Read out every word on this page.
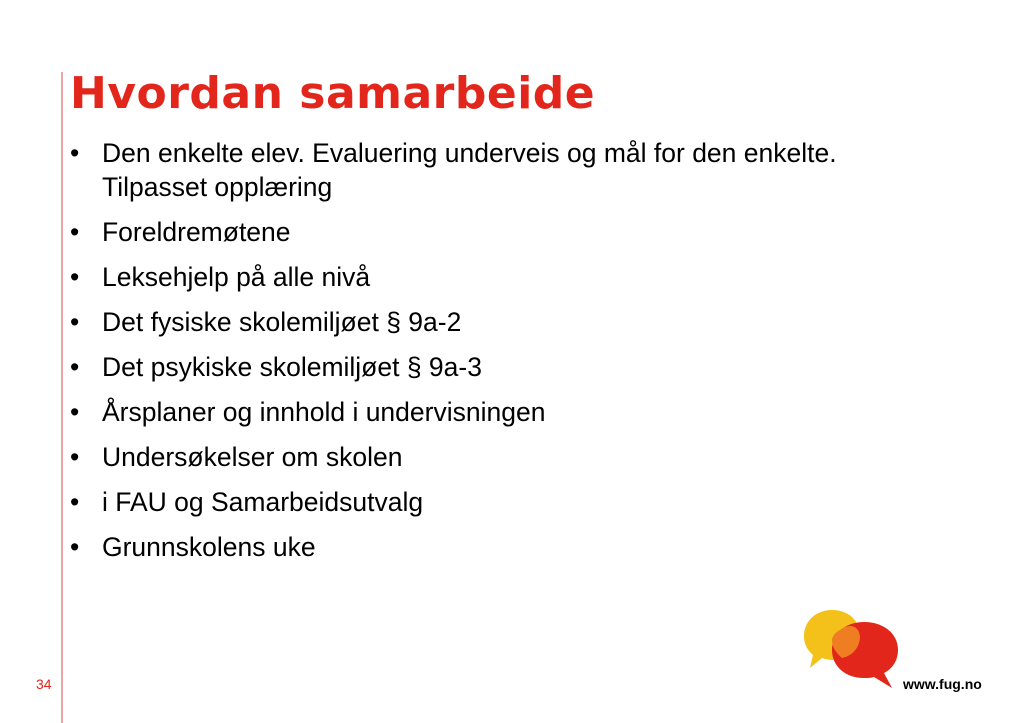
Hvordan samarbeide
• Den enkelte elev. Evaluering underveis og mål for den enkelte. Tilpasset opplæring
• Foreldremøtene
• Leksehjelp på alle nivå
• Det fysiske skolemiljøet § 9a-2
• Det psykiske skolemiljøet § 9a-3
• Årsplaner og innhold i undervisningen
• Undersøkelser om skolen
• i FAU og Samarbeidsutvalg
• Grunnskolens uke
34	www.fug.no
